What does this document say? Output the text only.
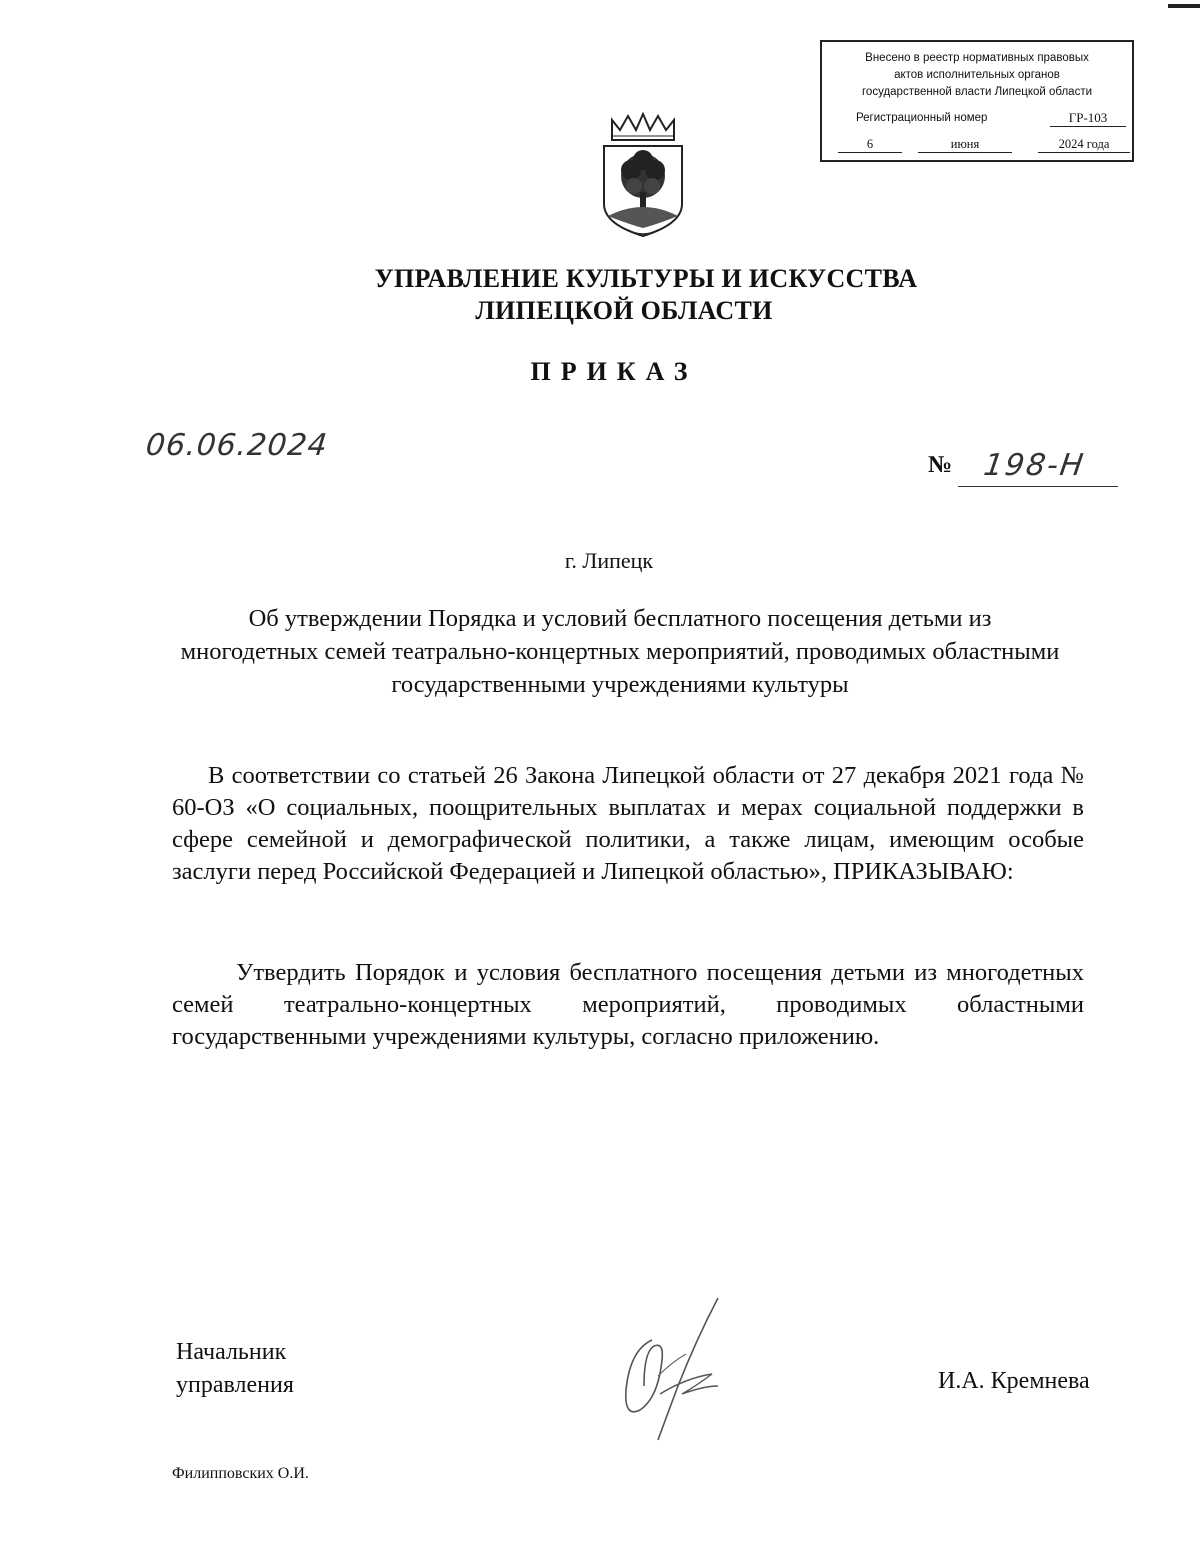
Внесено в реестр нормативных правовых
актов исполнительных органов
государственной власти Липецкой области
Регистрационный номер	ГР-103
6	июня	2024 года
УПРАВЛЕНИЕ КУЛЬТУРЫ И ИСКУССТВА
ЛИПЕЦКОЙ ОБЛАСТИ
ПРИКАЗ
06.06.2024
№ 198-Н
г. Липецк
Об утверждении Порядка и условий бесплатного посещения детьми из многодетных семей театрально-концертных мероприятий, проводимых областными государственными учреждениями культуры
В соответствии со статьей 26 Закона Липецкой области от 27 декабря 2021 года № 60-ОЗ «О социальных, поощрительных выплатах и мерах социальной поддержки в сфере семейной и демографической политики, а также лицам, имеющим особые заслуги перед Российской Федерацией и Липецкой областью», ПРИКАЗЫВАЮ:
Утвердить Порядок и условия бесплатного посещения детьми из многодетных семей театрально-концертных мероприятий, проводимых областными государственными учреждениями культуры, согласно приложению.
Начальник
управления	И.А. Кремнева
Филипповских О.И.
